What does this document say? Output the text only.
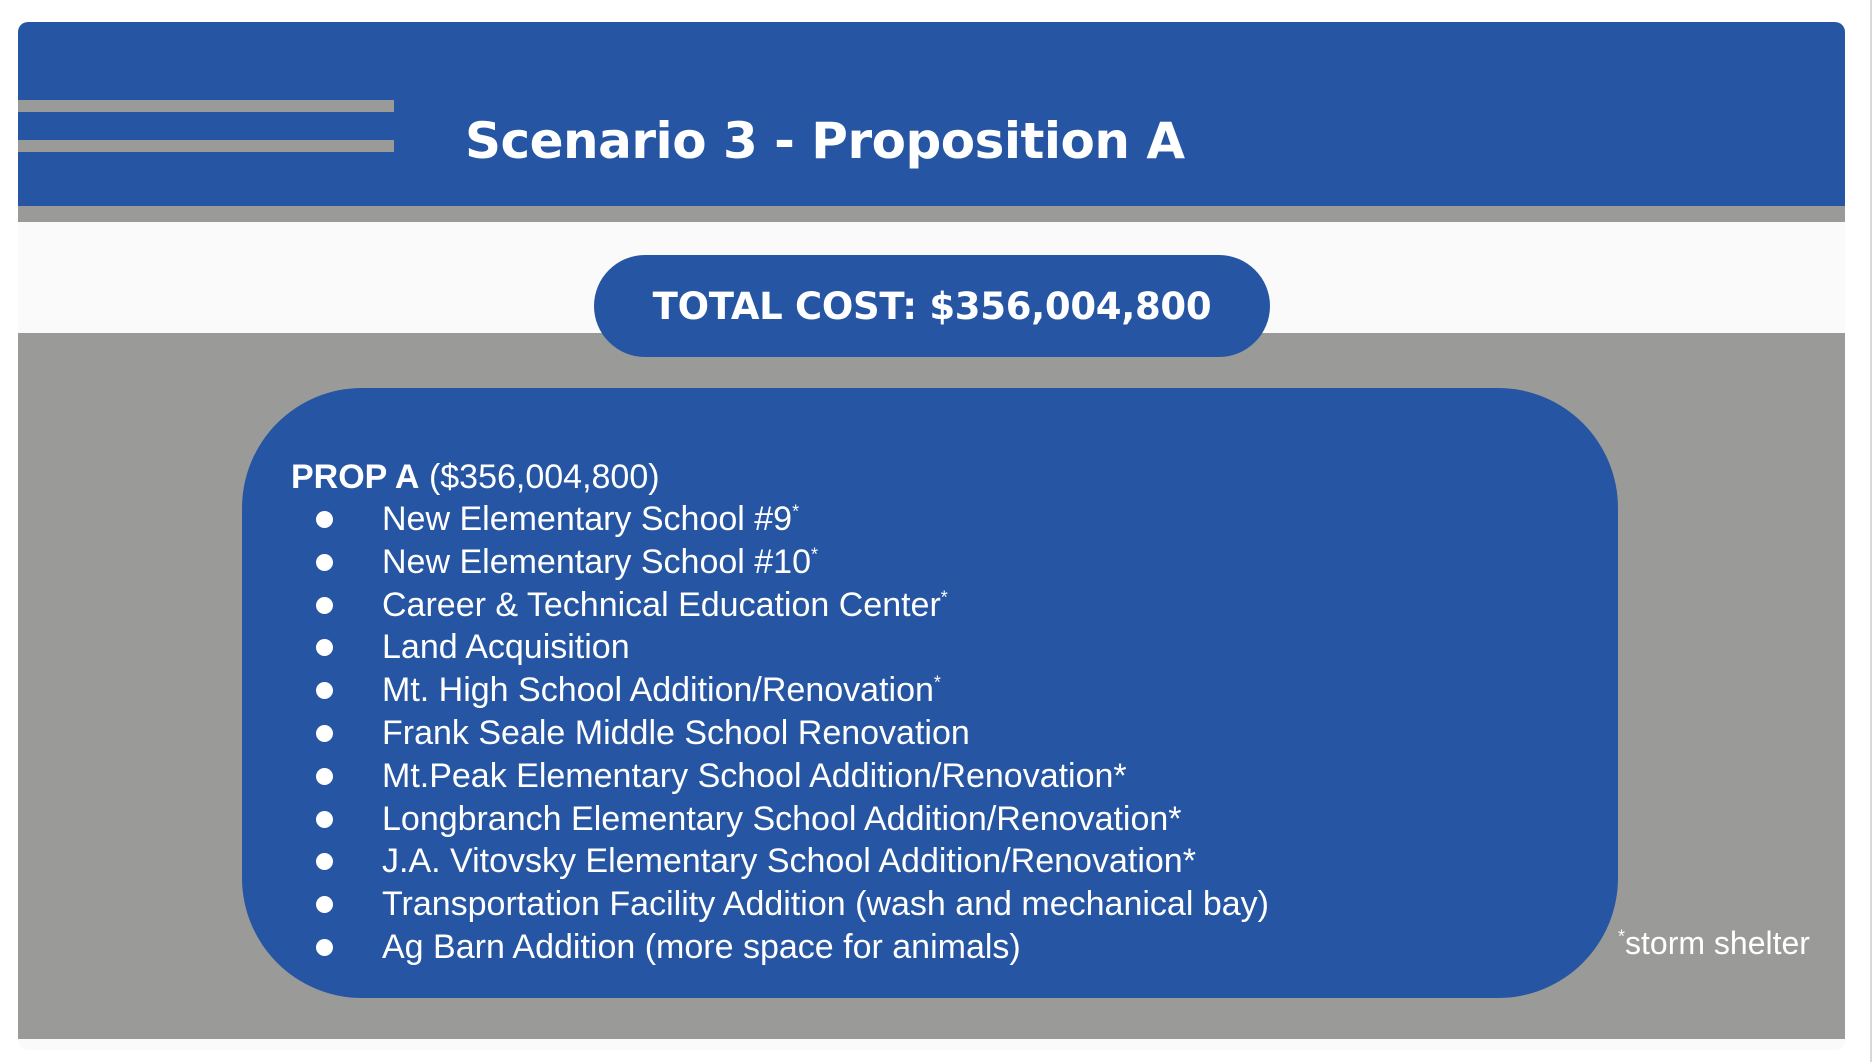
Scenario 3 - Proposition A
TOTAL COST: $356,004,800
PROP A ($356,004,800)
New Elementary School #9*
New Elementary School #10*
Career & Technical Education Center*
Land Acquisition
Mt. High School Addition/Renovation*
Frank Seale Middle School Renovation
Mt.Peak Elementary School Addition/Renovation*
Longbranch Elementary School Addition/Renovation*
J.A. Vitovsky Elementary School Addition/Renovation*
Transportation Facility Addition (wash and mechanical bay)
Ag Barn Addition (more space for animals)	*storm shelter
